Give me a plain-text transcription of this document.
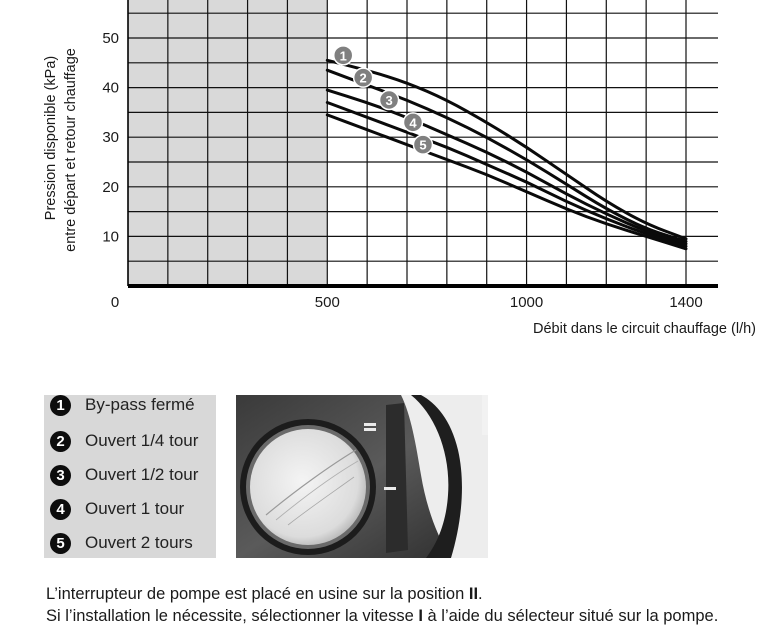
1
2
3
4
5
10
20
30
40
50
0	500	1000	1400
Pression disponible (kPa) entre départ et retour chauffage
Débit dans le circuit chauffage (l/h)
1	By-pass fermé
2	Ouvert 1/4 tour
3	Ouvert 1/2 tour
4	Ouvert 1 tour
5	Ouvert 2 tours
L’interrupteur de pompe est placé en usine sur la position II.
Si l’installation le nécessite, sélectionner la vitesse I à l’aide du sélecteur situé sur la pompe.
